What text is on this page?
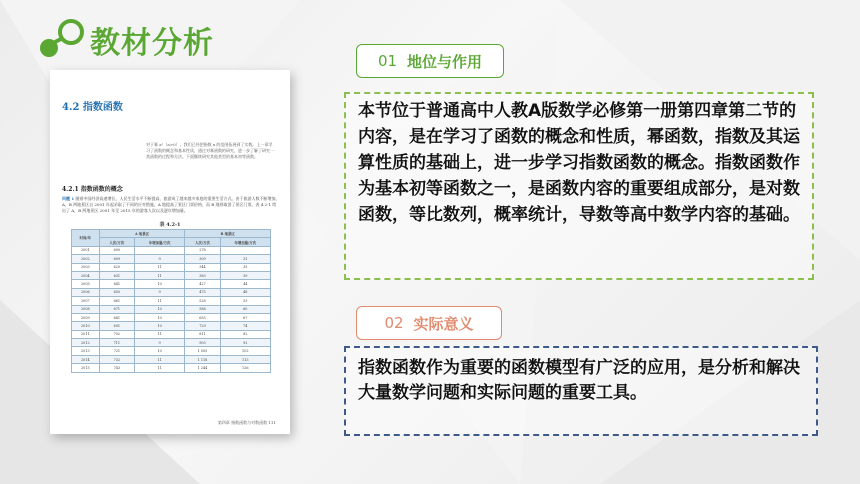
教材分析
4.2 指数函数
对于幂 aˣ（a>0），我们已经把指数 x 的范围拓展到了实数。上一章学习了函数的概念和基本性质，通过对幂函数的研究，进一步了解了研究一类函数的过程和方法。下面继续研究其他类型的基本初等函数。
4.2.1 指数函数的概念
问题 1 随着中国经济高速增长，人民生活水平不断提高，旅游成了越来越多家庭的重要生活方式。由于旅游人数不断增加，A，B 两地景区自 2001 年起采取了不同的应对措施，A 地提高了景区门票价格，而 B 地则取消了景区门票。表 4.2-1 给出了 A，B 两地景区 2001 年至 2015 年的游客人次以及逐年增加量。
表 4.2-1
时间/年	A 地景区		B 地景区	
	人次/万次	年增加量/万次	人次/万次	年增加量/万次
2001	600		278	
2002	609	9	309	31
2003	620	11	344	35
2004	631	11	383	39
2005	641	10	427	44
2006	650	9	475	48
2007	661	11	528	53
2008	671	10	588	60
2009	681	10	655	67
2010	691	10	729	74
2011	702	11	811	82
2012	711	9	903	92
2013	721	10	1 005	102
2014	732	11	1 118	113
2015	743	11	1 244	126
第四章 指数函数与对数函数 111
01 地位与作用
本节位于普通高中人教A版数学必修第一册第四章第二节的内容，是在学习了函数的概念和性质，幂函数，指数及其运算性质的基础上，进一步学习指数函数的概念。指数函数作为基本初等函数之一，是函数内容的重要组成部分，是对数函数，等比数列，概率统计，导数等高中数学内容的基础。
02 实际意义
指数函数作为重要的函数模型有广泛的应用，是分析和解决大量数学问题和实际问题的重要工具。
